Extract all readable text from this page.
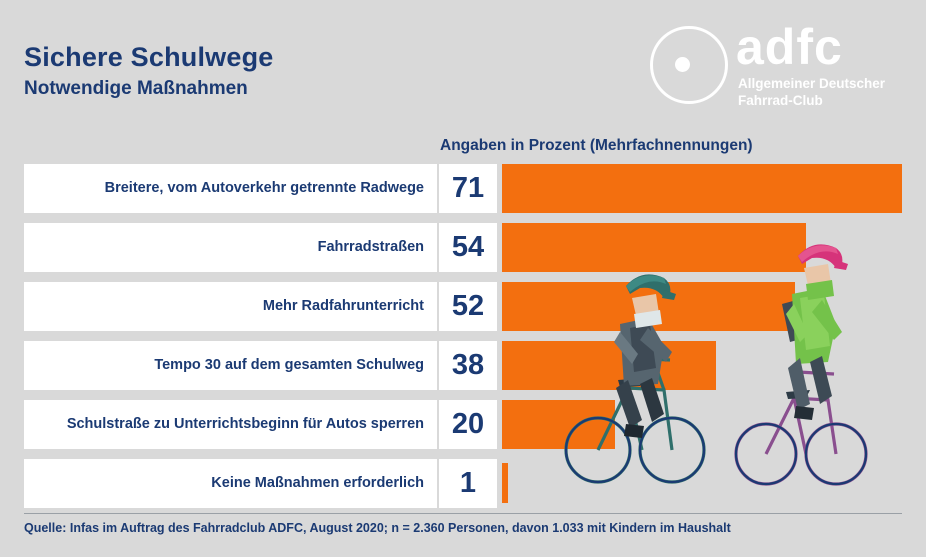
Sichere Schulwege
Notwendige Maßnahmen
adfc
Allgemeiner Deutscher
Fahrrad-Club
Angaben in Prozent (Mehrfachnennungen)
Breitere, vom Autoverkehr getrennte Radwege 71
Fahrradstraßen 54
Mehr Radfahrunterricht 52
Tempo 30 auf dem gesamten Schulweg 38
Schulstraße zu Unterrichtsbeginn für Autos sperren 20
Keine Maßnahmen erforderlich 1
Quelle: Infas im Auftrag des Fahrradclub ADFC, August 2020; n = 2.360 Personen, davon 1.033 mit Kindern im Haushalt
